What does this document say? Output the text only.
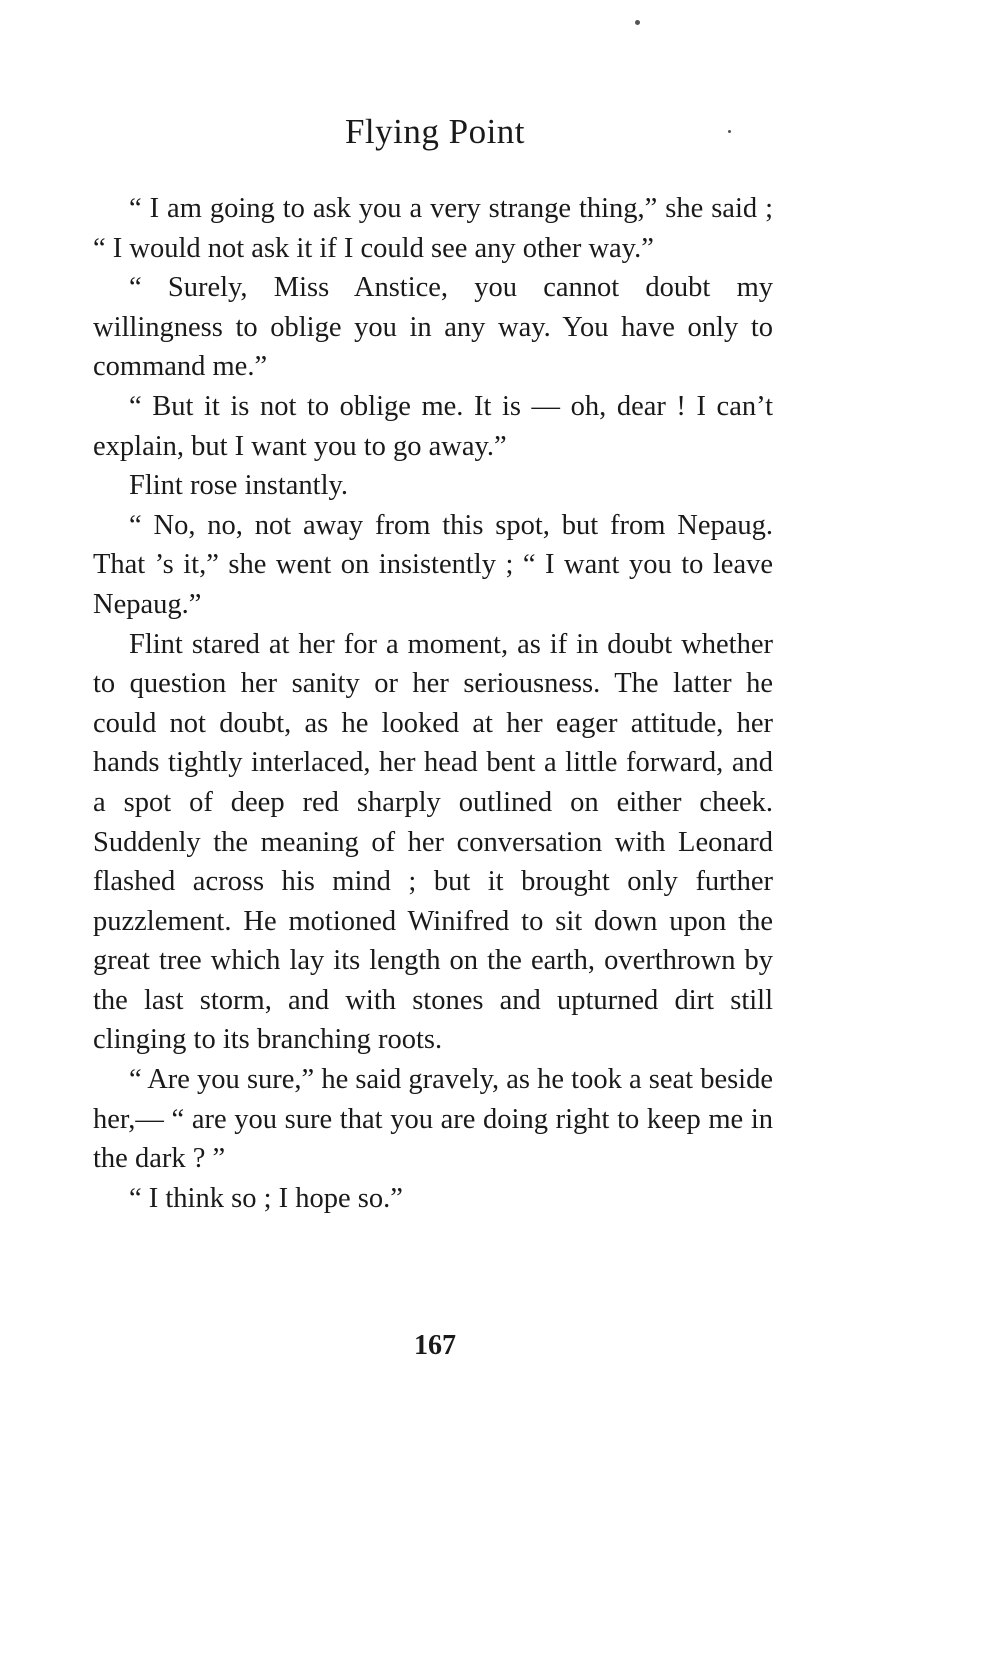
Flying Point

“ I am going to ask you a very strange thing,” she said ; “ I would not ask it if I could see any other way.”

“ Surely, Miss Anstice, you cannot doubt my willingness to oblige you in any way. You have only to command me.”

“ But it is not to oblige me. It is — oh, dear ! I can’t explain, but I want you to go away.”

Flint rose instantly.

“ No, no, not away from this spot, but from Nepaug. That ’s it,” she went on insistently ; “ I want you to leave Nepaug.”

Flint stared at her for a moment, as if in doubt whether to question her sanity or her seriousness. The latter he could not doubt, as he looked at her eager attitude, her hands tightly interlaced, her head bent a little forward, and a spot of deep red sharply outlined on either cheek. Suddenly the meaning of her conversation with Leonard flashed across his mind ; but it brought only further puzzlement. He motioned Winifred to sit down upon the great tree which lay its length on the earth, overthrown by the last storm, and with stones and upturned dirt still clinging to its branching roots.

“ Are you sure,” he said gravely, as he took a seat beside her,— “ are you sure that you are doing right to keep me in the dark ? ”

“ I think so ; I hope so.”

167
